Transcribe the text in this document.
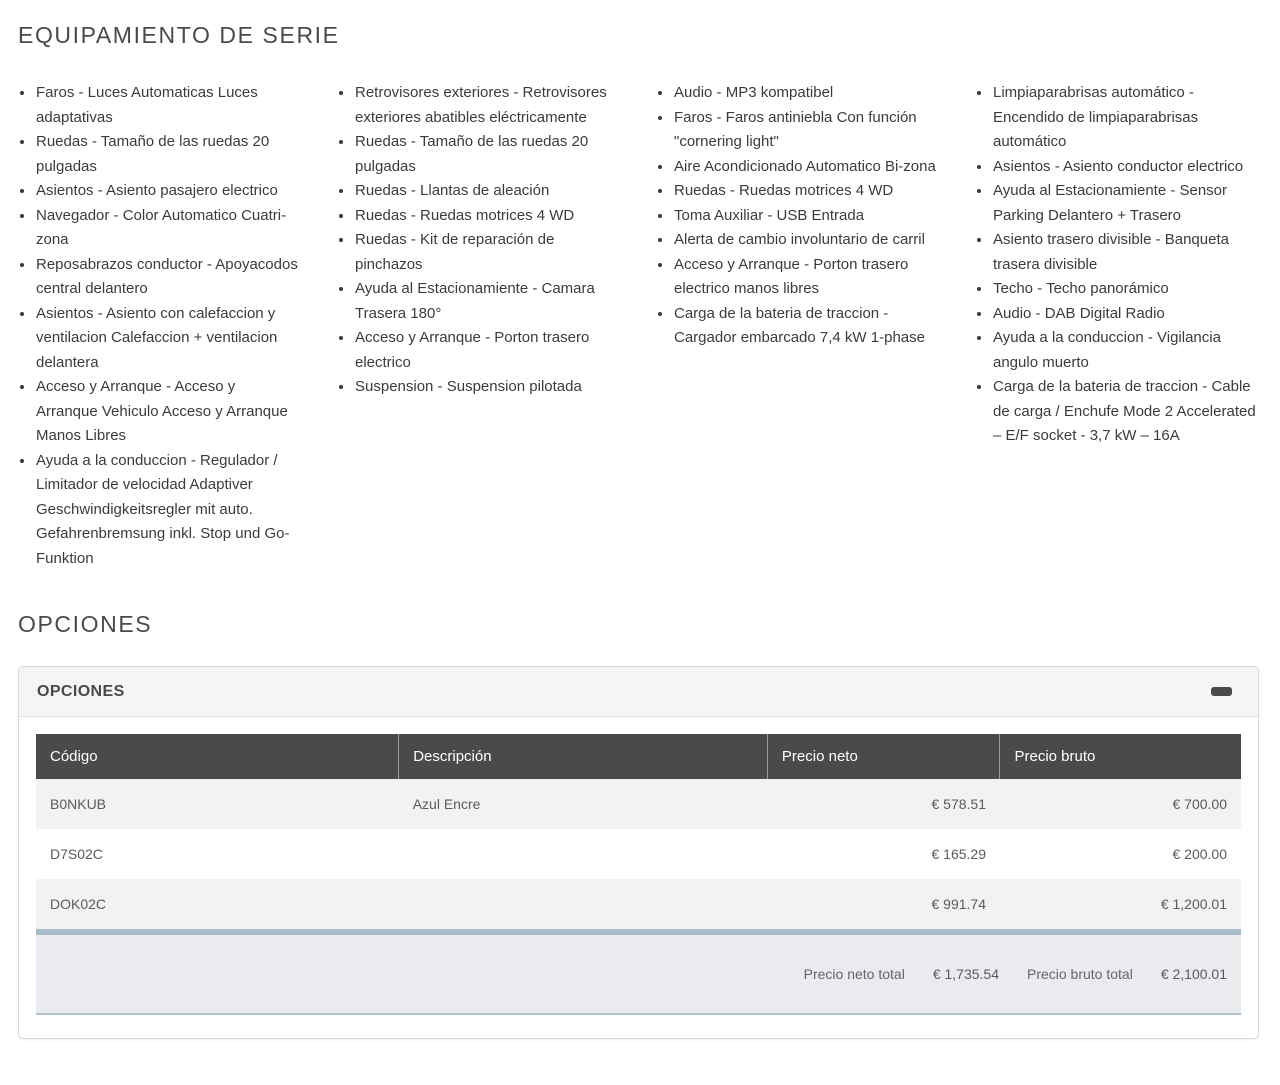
EQUIPAMIENTO DE SERIE
• Faros - Luces Automaticas Luces adaptativas
• Ruedas - Tamaño de las ruedas 20 pulgadas
• Asientos - Asiento pasajero electrico
• Navegador - Color Automatico Cuatri-zona
• Reposabrazos conductor - Apoyacodos central delantero
• Asientos - Asiento con calefaccion y ventilacion Calefaccion + ventilacion delantera
• Acceso y Arranque - Acceso y Arranque Vehiculo Acceso y Arranque Manos Libres
• Ayuda a la conduccion - Regulador / Limitador de velocidad Adaptiver Geschwindigkeitsregler mit auto. Gefahrenbremsung inkl. Stop und Go-Funktion
• Retrovisores exteriores - Retrovisores exteriores abatibles eléctricamente
• Ruedas - Tamaño de las ruedas 20 pulgadas
• Ruedas - Llantas de aleación
• Ruedas - Ruedas motrices 4 WD
• Ruedas - Kit de reparación de pinchazos
• Ayuda al Estacionamiente - Camara Trasera 180°
• Acceso y Arranque - Porton trasero electrico
• Suspension - Suspension pilotada
• Audio - MP3 kompatibel
• Faros - Faros antiniebla Con función "cornering light"
• Aire Acondicionado Automatico Bi-zona
• Ruedas - Ruedas motrices 4 WD
• Toma Auxiliar - USB Entrada
• Alerta de cambio involuntario de carril
• Acceso y Arranque - Porton trasero electrico manos libres
• Carga de la bateria de traccion - Cargador embarcado 7,4 kW 1-phase
• Limpiaparabrisas automático - Encendido de limpiaparabrisas automático
• Asientos - Asiento conductor electrico
• Ayuda al Estacionamiente - Sensor Parking Delantero + Trasero
• Asiento trasero divisible - Banqueta trasera divisible
• Techo - Techo panorámico
• Audio - DAB Digital Radio
• Ayuda a la conduccion - Vigilancia angulo muerto
• Carga de la bateria de traccion - Cable de carga / Enchufe Mode 2 Accelerated – E/F socket - 3,7 kW – 16A
OPCIONES
OPCIONES
Código	Descripción	Precio neto	Precio bruto
B0NKUB	Azul Encre	€ 578.51	€ 700.00
D7S02C		€ 165.29	€ 200.00
DOK02C		€ 991.74	€ 1,200.01
Precio neto total € 1,735.54 Precio bruto total € 2,100.01
